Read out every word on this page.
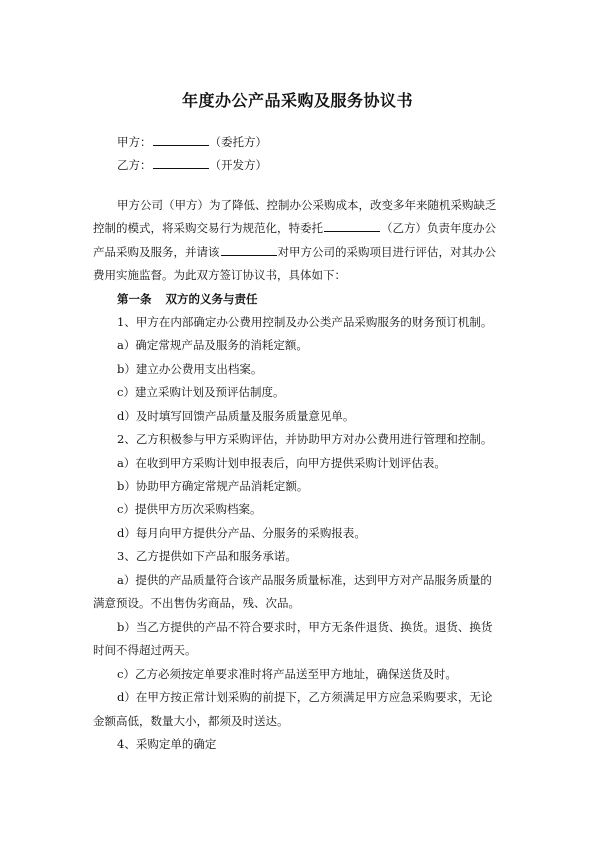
年度办公产品采购及服务协议书
甲方：	（委托方）
乙方：	（开发方）
甲方公司（甲方）为了降低、控制办公采购成本，改变多年来随机采购缺乏
控制的模式，将采购交易行为规范化，特委托	（乙方）负责年度办公
产品采购及服务，并请该	对甲方公司的采购项目进行评估，对其办公
费用实施监督。为此双方签订协议书，具体如下：
第一条 双方的义务与责任
1、甲方在内部确定办公费用控制及办公类产品采购服务的财务预订机制。
a）确定常规产品及服务的消耗定额。
b）建立办公费用支出档案。
c）建立采购计划及预评估制度。
d）及时填写回馈产品质量及服务质量意见单。
2、乙方积极参与甲方采购评估，并协助甲方对办公费用进行管理和控制。
a）在收到甲方采购计划申报表后，向甲方提供采购计划评估表。
b）协助甲方确定常规产品消耗定额。
c）提供甲方历次采购档案。
d）每月向甲方提供分产品、分服务的采购报表。
3、乙方提供如下产品和服务承诺。
a）提供的产品质量符合该产品服务质量标准，达到甲方对产品服务质量的
满意预设。不出售伪劣商品，残、次品。
b）当乙方提供的产品不符合要求时，甲方无条件退货、换货。退货、换货
时间不得超过两天。
c）乙方必须按定单要求准时将产品送至甲方地址，确保送货及时。
d）在甲方按正常计划采购的前提下，乙方须满足甲方应急采购要求，无论
金额高低，数量大小，都须及时送达。
4、采购定单的确定
